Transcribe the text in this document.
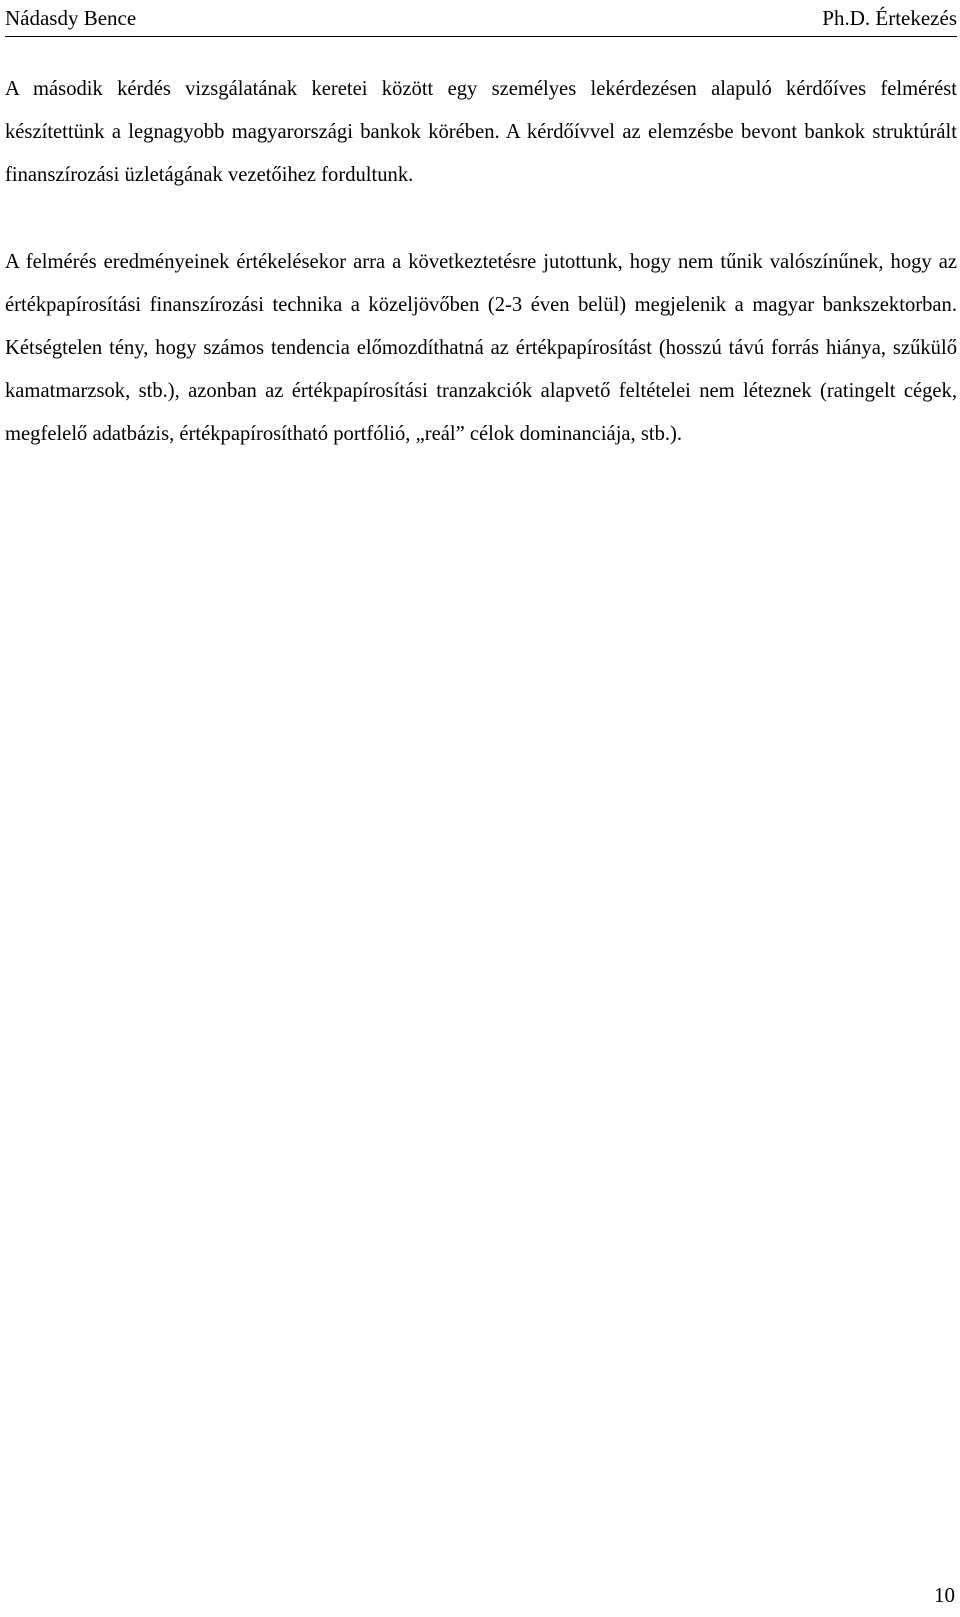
Nádasdy Bence	Ph.D. Értekezés

A második kérdés vizsgálatának keretei között egy személyes lekérdezésen alapuló kérdőíves felmérést készítettünk a legnagyobb magyarországi bankok körében. A kérdőívvel az elemzésbe bevont bankok struktúrált finanszírozási üzletágának vezetőihez fordultunk.

A felmérés eredményeinek értékelésekor arra a következtetésre jutottunk, hogy nem tűnik valószínűnek, hogy az értékpapírosítási finanszírozási technika a közeljövőben (2-3 éven belül) megjelenik a magyar bankszektorban. Kétségtelen tény, hogy számos tendencia előmozdíthatná az értékpapírosítást (hosszú távú forrás hiánya, szűkülő kamatmarzsok, stb.), azonban az értékpapírosítási tranzakciók alapvető feltételei nem léteznek (ratingelt cégek, megfelelő adatbázis, értékpapírosítható portfólió, „reál” célok dominanciája, stb.).

10
